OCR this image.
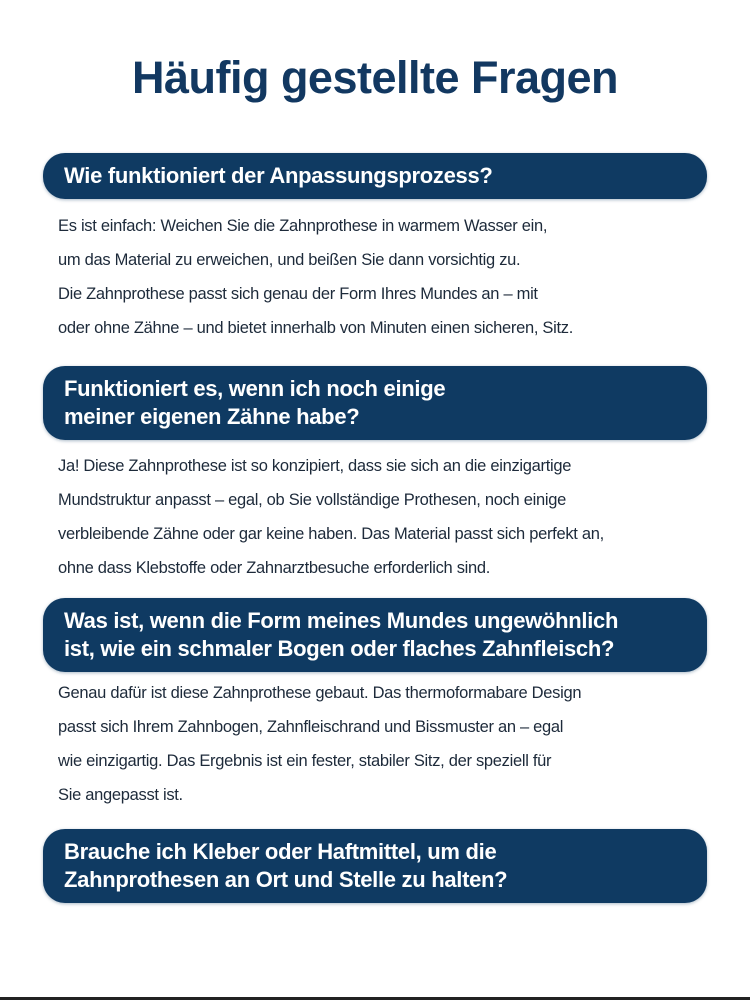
Häufig gestellte Fragen
Wie funktioniert der Anpassungsprozess?
Es ist einfach: Weichen Sie die Zahnprothese in warmem Wasser ein,
um das Material zu erweichen, und beißen Sie dann vorsichtig zu.
Die Zahnprothese passt sich genau der Form Ihres Mundes an – mit
oder ohne Zähne – und bietet innerhalb von Minuten einen sicheren, Sitz.
Funktioniert es, wenn ich noch einige
meiner eigenen Zähne habe?
Ja! Diese Zahnprothese ist so konzipiert, dass sie sich an die einzigartige
Mundstruktur anpasst – egal, ob Sie vollständige Prothesen, noch einige
verbleibende Zähne oder gar keine haben. Das Material passt sich perfekt an,
ohne dass Klebstoffe oder Zahnarztbesuche erforderlich sind.
Was ist, wenn die Form meines Mundes ungewöhnlich
ist, wie ein schmaler Bogen oder flaches Zahnfleisch?
Genau dafür ist diese Zahnprothese gebaut. Das thermoformabare Design
passt sich Ihrem Zahnbogen, Zahnfleischrand und Bissmuster an – egal
wie einzigartig. Das Ergebnis ist ein fester, stabiler Sitz, der speziell für
Sie angepasst ist.
Brauche ich Kleber oder Haftmittel, um die
Zahnprothesen an Ort und Stelle zu halten?
